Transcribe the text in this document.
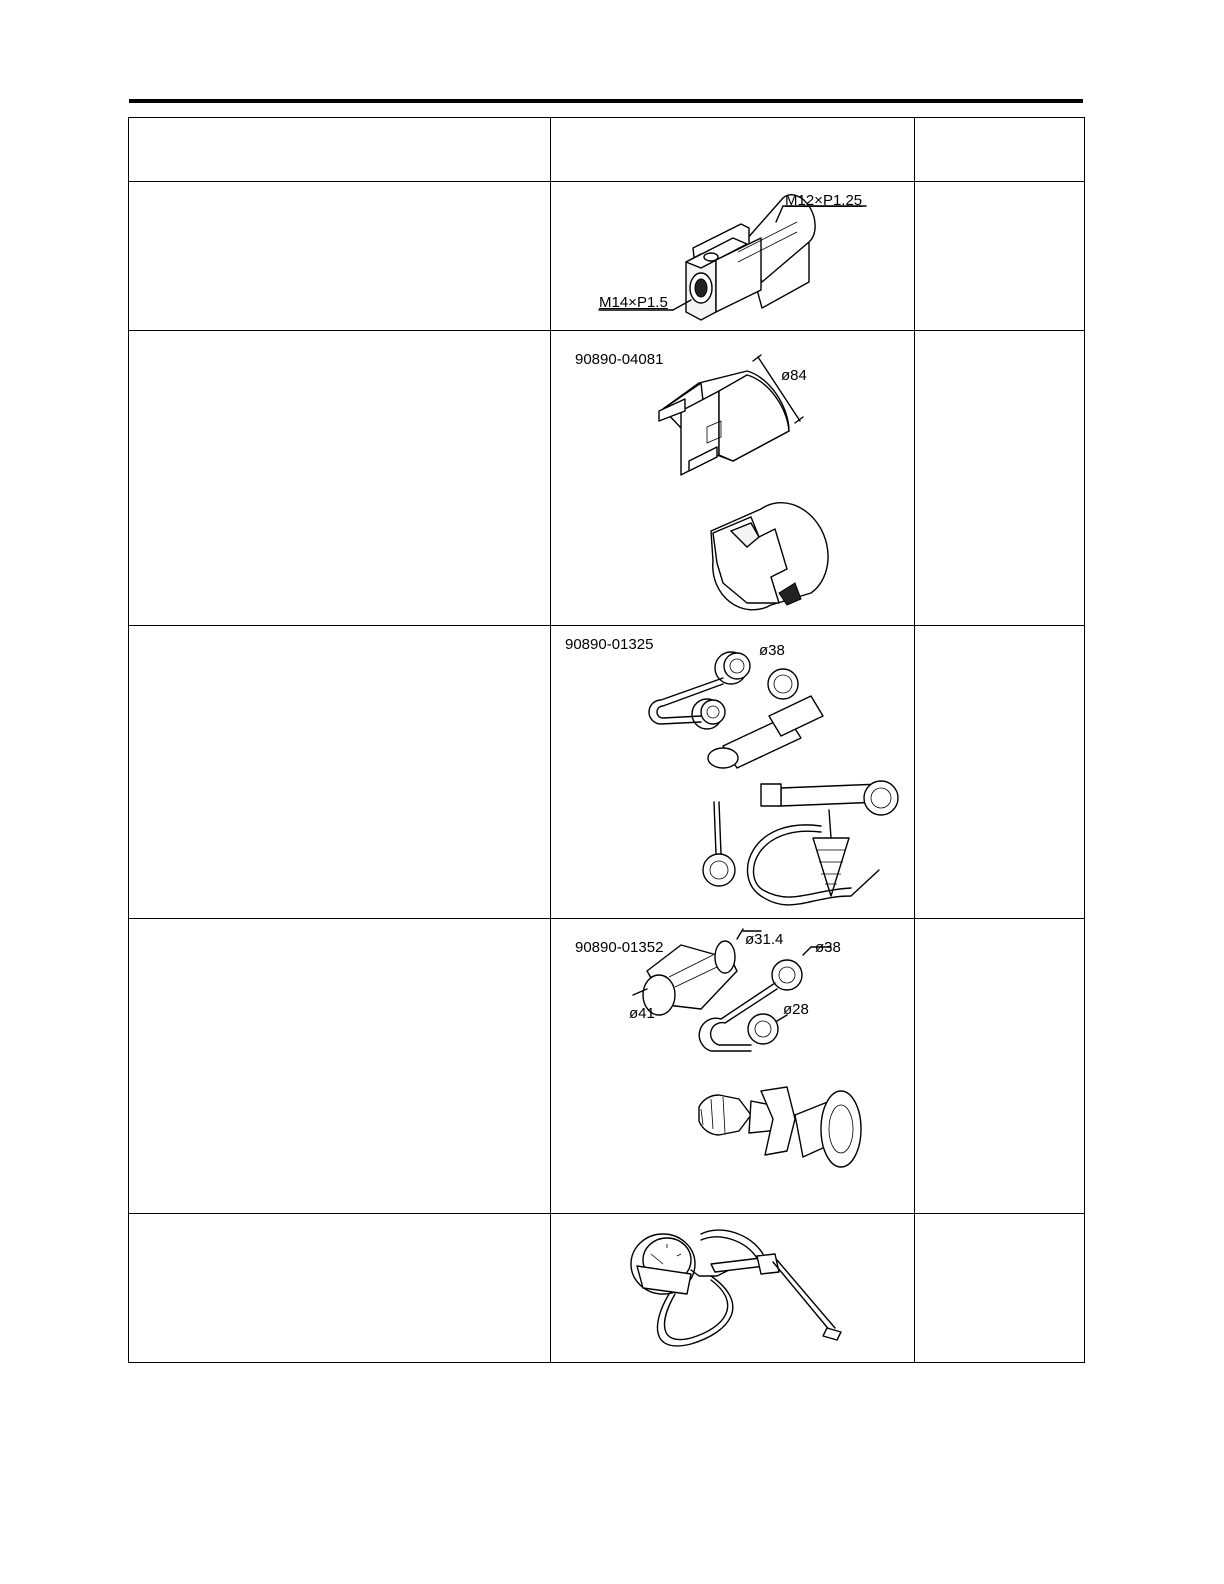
	M12×P1.25
M14×P1.5	

	90890-04081
ø84	

	90890-01325 ø38	

	90890-01352 ø31.4 ø38
ø41 ø28	
